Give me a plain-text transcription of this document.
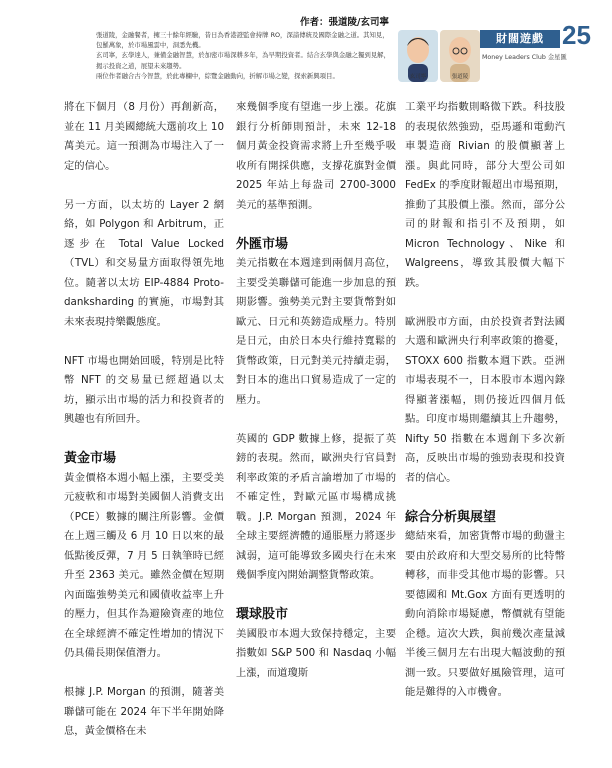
作者：張道陵/玄司寧

張道陵，金融餐者，擁三十餘年經驗，昔日為香港證監會持牌 RO，深諳傳統及國際金融之道。其知見，包羅萬象，於市場風雲中，洞悉先機。

玄司寧，玄學達人，兼備金融智慧，於加密市場深耕多年，為早期投資者。結合玄學與金融之獨到見解，揭示投資之道，展望未來趨勢。

兩位作者融合古今智慧，於此專欄中，綜覽金融動向，折解市場之變，探索新興項目。	玄司寧	張道陵
財闊遊戲 25
Money Leaders Club 金星匯

將在下個月（8 月份）再創新高，並在 11 月美國總統大選前攻上 10 萬美元。這一預測為市場注入了一定的信心。

另一方面，以太坊的 Layer 2 網絡，如 Polygon 和 Arbitrum，正逐步在 Total Value Locked（TVL）和交易量方面取得領先地位。隨著以太坊 EIP-4884 Proto-danksharding 的實施，市場對其未來表現持樂觀態度。

NFT 市場也開始回暖，特別是比特幣 NFT 的交易量已經超過以太坊，顯示出市場的活力和投資者的興趣也有所回升。

黃金市場

黃金價格本週小幅上漲，主要受美元疲軟和市場對美國個人消費支出（PCE）數據的關注所影響。金價在上週三觸及 6 月 10 日以來的最低點後反彈，7 月 5 日執筆時已經升至 2363 美元。雖然金價在短期內面臨強勢美元和國債收益率上升的壓力，但其作為避險資產的地位在全球經濟不確定性增加的情況下仍具備長期保值潛力。

根據 J.P. Morgan 的預測，隨著美聯儲可能在 2024 年下半年開始降息，黃金價格在未

來幾個季度有望進一步上漲。花旗銀行分析師則預計，未來 12-18 個月黃金投資需求將上升至幾乎吸收所有開採供應，支撐花旗對金價 2025 年站上每盎司 2700-3000 美元的基準預測。

外匯市場

美元指數在本週達到兩個月高位，主要受美聯儲可能進一步加息的預期影響。強勢美元對主要貨幣對如歐元、日元和英鎊造成壓力。特別是日元，由於日本央行維持寬鬆的貨幣政策，日元對美元持續走弱，對日本的進出口貿易造成了一定的壓力。

英國的 GDP 數據上修，提振了英鎊的表現。然而，歐洲央行官員對利率政策的矛盾言論增加了市場的不確定性，對歐元區市場構成挑戰。J.P. Morgan 預測，2024 年全球主要經濟體的通脹壓力將逐步減弱，這可能導致多國央行在未來幾個季度內開始調整貨幣政策。

環球股市

美國股市本週大致保持穩定，主要指數如 S&P 500 和 Nasdaq 小幅上漲，而道瓊斯

工業平均指數則略微下跌。科技股的表現依然強勁，亞馬遜和電動汽車製造商 Rivian 的股價顯著上漲。與此同時，部分大型公司如 FedEx 的季度財報超出市場預期，推動了其股價上漲。然而，部分公司的財報和指引不及預期，如 Micron Technology、Nike 和 Walgreens，導致其股價大幅下跌。

歐洲股市方面，由於投資者對法國大選和歐洲央行利率政策的擔憂，STOXX 600 指數本週下跌。亞洲市場表現不一，日本股市本週內錄得顯著漲幅，則仍接近四個月低點。印度市場則繼續其上升趨勢，Nifty 50 指數在本週創下多次新高，反映出市場的強勁表現和投資者的信心。

綜合分析與展望

總結來看，加密貨幣市場的動盪主要由於政府和大型交易所的比特幣轉移，而非受其他市場的影響。只要德國和 Mt.Gox 方面有更透明的動向消除市場疑慮，幣價就有望能企穩。這次大跌，與前幾次產量減半後三個月左右出現大幅波動的預測一致。只要做好風險管理，這可能是難得的入市機會。
